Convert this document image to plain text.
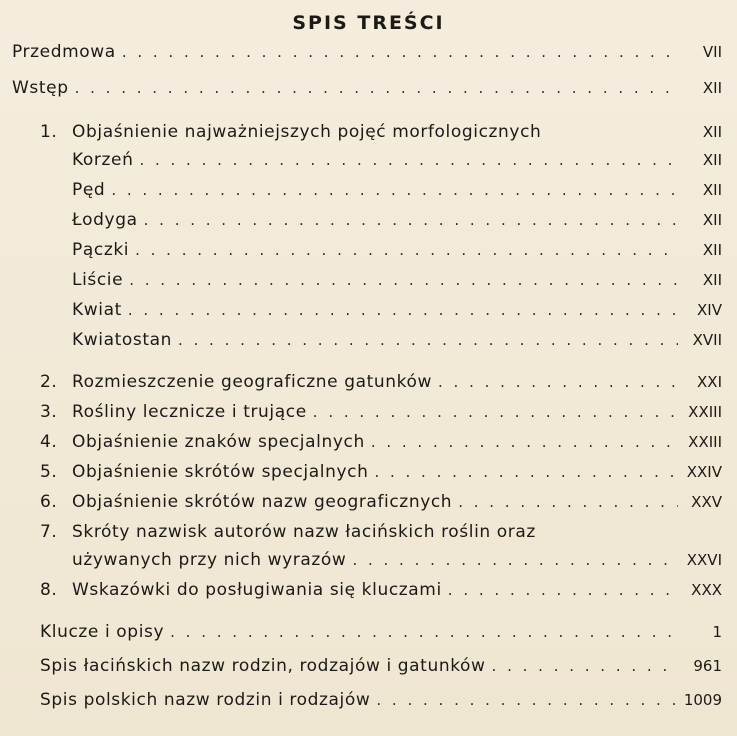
SPIS TREŚCI
Przedmowa . . .	VII
Wstęp . . .	XII
1. Objaśnienie najważniejszych pojęć morfologicznych	XII
Korzeń . . .	XII
Pęd . . .	XII
Łodyga . . .	XII
Pączki . . .	XII
Liście . . .	XII
Kwiat . . .	XIV
Kwiatostan . . .	XVII
2. Rozmieszczenie geograficzne gatunków . . .	XXI
3. Rośliny lecznicze i trujące . . .	XXIII
4. Objaśnienie znaków specjalnych . . .	XXIII
5. Objaśnienie skrótów specjalnych . . .	XXIV
6. Objaśnienie skrótów nazw geograficznych . . .	XXV
7. Skróty nazwisk autorów nazw łacińskich roślin oraz
używanych przy nich wyrazów . . .	XXVI
8. Wskazówki do posługiwania się kluczami . . .	XXX
Klucze i opisy . . .	1
Spis łacińskich nazw rodzin, rodzajów i gatunków . . .	961
Spis polskich nazw rodzin i rodzajów . . .	1009
